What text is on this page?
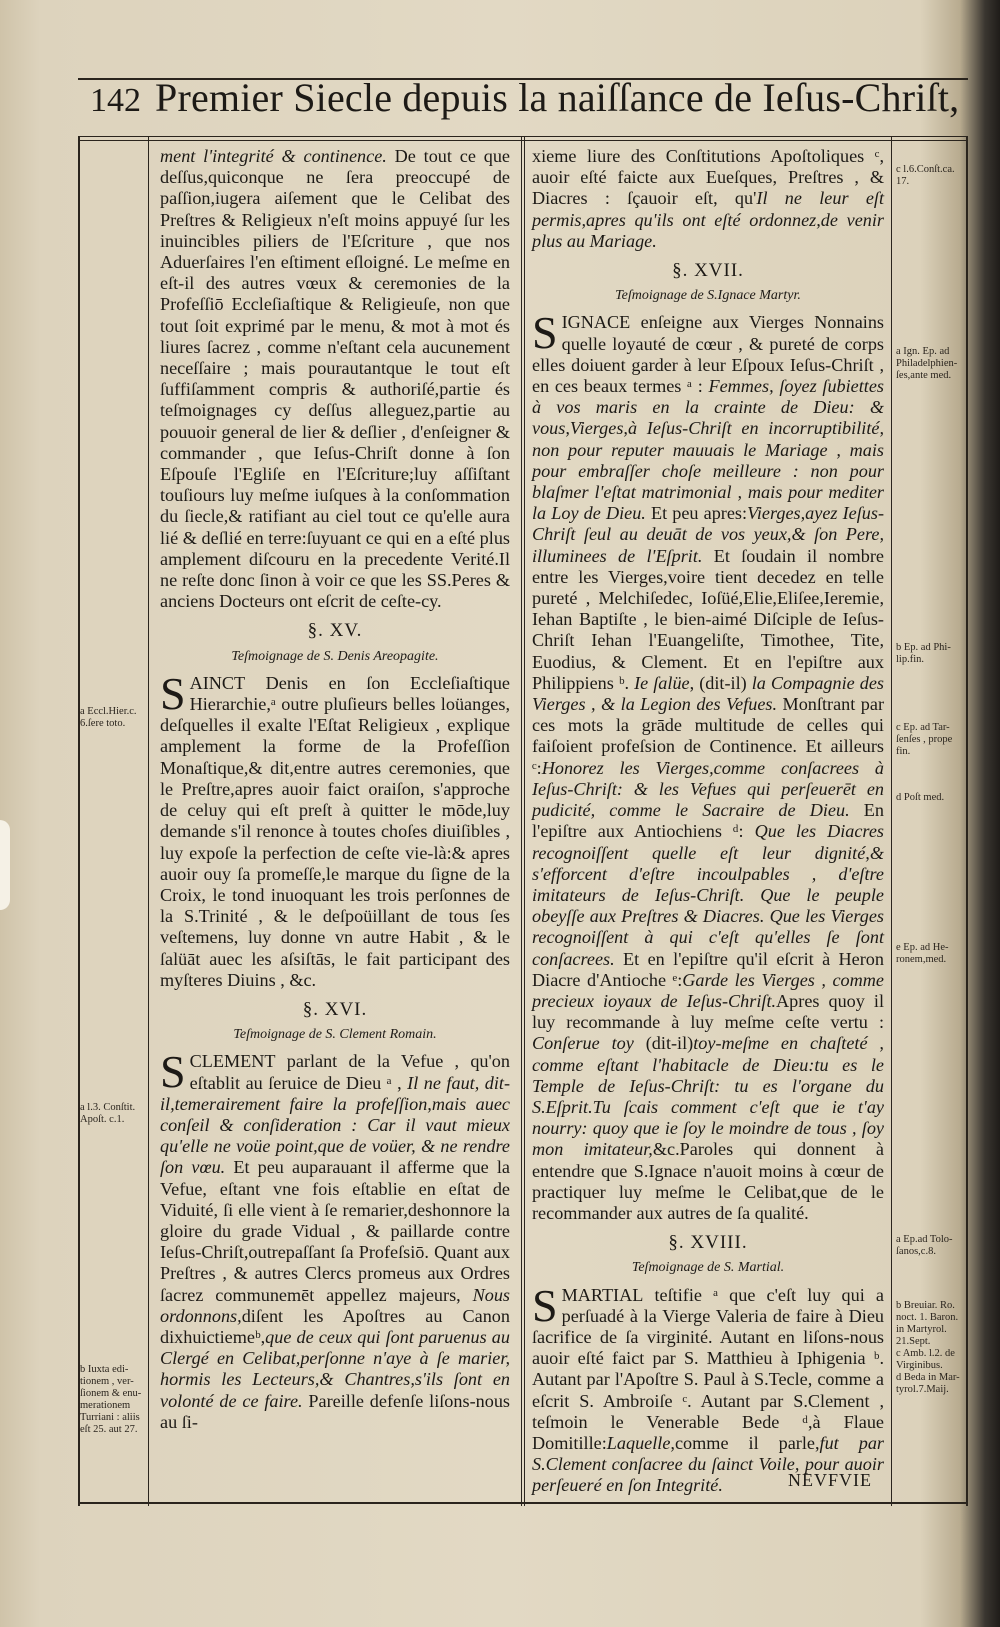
142 Premier Siecle depuis la naiſſance de Ieſus-Chriſt,

ment l'integrité & continence. De tout ce que deſſus,quiconque ne ſera preoccupé de paſſion,iugera aiſement que le Celibat des Preſtres & Religieux n'eſt moins appuyé ſur les inuincibles piliers de l'Eſcriture , que nos Aduerſaires l'en eſtiment eſloigné. Le meſme en eſt-il des autres vœux & ceremonies de la Profeſſiō Eccleſiaſtique & Religieuſe, non que tout ſoit exprimé par le menu, & mot à mot és liures ſacrez , comme n'eſtant cela aucunement neceſſaire ; mais pourautantque le tout eſt ſuffiſamment compris & authoriſé,partie és teſmoignages cy deſſus alleguez,partie au pouuoir general de lier & deſlier , d'enſeigner & commander , que Ieſus-Chriſt donne à ſon Eſpouſe l'Egliſe en l'Eſcriture;luy aſſiſtant touſiours luy meſme iuſques à la conſommation du ſiecle,& ratifiant au ciel tout ce qu'elle aura lié & deſlié en terre:ſuyuant ce qui en a eſté plus amplement diſcouru en la precedente Verité.Il ne reſte donc ſinon à voir ce que les SS.Peres & anciens Docteurs ont eſcrit de ceſte-cy.

§. XV.
Teſmoignage de S. Denis Areopagite.

SAINCT Denis en ſon Eccleſiaſtique Hierarchie,ᵃ outre pluſieurs belles loüanges, deſquelles il exalte l'Eſtat Religieux , explique amplement la forme de la Profeſſion Monaſtique,& dit,entre autres ceremonies, que le Preſtre,apres auoir faict oraiſon, s'approche de celuy qui eſt preſt à quitter le mōde,luy demande s'il renonce à toutes choſes diuiſibles , luy expoſe la perfection de ceſte vie-là:& apres auoir ouy ſa promeſſe,le marque du ſigne de la Croix, le tond inuoquant les trois perſonnes de la S.Trinité , & le deſpoüillant de tous ſes veſtemens, luy donne vn autre Habit , & le ſalüāt auec les aſsiſtās, le fait participant des myſteres Diuins , &c.

§. XVI.
Teſmoignage de S. Clement Romain.

SCLEMENT parlant de la Vefue , qu'on eſtablit au ſeruice de Dieu ᵃ , Il ne faut, dit-il,temerairement faire la profeſſion,mais auec conſeil & conſideration : Car il vaut mieux qu'elle ne voüe point,que de voüer, & ne rendre ſon vœu. Et peu auparauant il afferme que la Vefue, eſtant vne fois eſtablie en eſtat de Viduité, ſi elle vient à ſe remarier,deshonnore la gloire du grade Vidual , & paillarde contre Ieſus-Chriſt,outrepaſſant ſa Profeſsiō. Quant aux Preſtres , & autres Clercs promeus aux Ordres ſacrez communemēt appellez majeurs, Nous ordonnons,diſent les Apoſtres au Canon dixhuictiemeᵇ,que de ceux qui ſont paruenus au Clergé en Celibat,perſonne n'aye à ſe marier, hormis les Lecteurs,& Chantres,s'ils ſont en volonté de ce faire. Pareille defenſe liſons-nous au ſi-

xieme liure des Conſtitutions Apoſtoliques ᶜ, auoir eſté faicte aux Eueſques, Preſtres , & Diacres : ſçauoir eſt, qu'Il ne leur eſt permis,apres qu'ils ont eſté ordonnez,de venir plus au Mariage.

§. XVII.
Teſmoignage de S.Ignace Martyr.

SIGNACE enſeigne aux Vierges Nonnains quelle loyauté de cœur , & pureté de corps elles doiuent garder à leur Eſpoux Ieſus-Chriſt , en ces beaux termes ᵃ : Femmes, ſoyez ſubiettes à vos maris en la crainte de Dieu: & vous,Vierges,à Ieſus-Chriſt en incorruptibilité, non pour reputer mauuais le Mariage , mais pour embraſſer choſe meilleure : non pour blaſmer l'eſtat matrimonial , mais pour mediter la Loy de Dieu. Et peu apres:Vierges,ayez Ieſus-Chriſt ſeul au deuāt de vos yeux,& ſon Pere, illuminees de l'Eſprit. Et ſoudain il nombre entre les Vierges,voire tient decedez en telle pureté , Melchiſedec, Ioſüé,Elie,Eliſee,Ieremie, Iehan Baptiſte , le bien-aimé Diſciple de Ieſus-Chriſt Iehan l'Euangeliſte, Timothee, Tite, Euodius, & Clement. Et en l'epiſtre aux Philippiens ᵇ. Ie ſalüe, (dit-il) la Compagnie des Vierges , & la Legion des Vefues. Monſtrant par ces mots la grāde multitude de celles qui faiſoient profeſsion de Continence. Et ailleurs ᶜ:Honorez les Vierges,comme conſacrees à Ieſus-Chriſt: & les Vefues qui perſeuerēt en pudicité, comme le Sacraire de Dieu. En l'epiſtre aux Antiochiens ᵈ: Que les Diacres recognoiſſent quelle eſt leur dignité,& s'efforcent d'eſtre incoulpables , d'eſtre imitateurs de Ieſus-Chriſt. Que le peuple obeyſſe aux Preſtres & Diacres. Que les Vierges recognoiſſent à qui c'eſt qu'elles ſe ſont conſacrees. Et en l'epiſtre qu'il eſcrit à Heron Diacre d'Antioche ᵉ:Garde les Vierges , comme precieux ioyaux de Ieſus-Chriſt.Apres quoy il luy recommande à luy meſme ceſte vertu : Conſerue toy (dit-il)toy-meſme en chaſteté , comme eſtant l'habitacle de Dieu:tu es le Temple de Ieſus-Chriſt: tu es l'organe du S.Eſprit.Tu ſcais comment c'eſt que ie t'ay nourry: quoy que ie ſoy le moindre de tous , ſoy mon imitateur,&c.Paroles qui donnent à entendre que S.Ignace n'auoit moins à cœur de practiquer luy meſme le Celibat,que de le recommander aux autres de ſa qualité.

§. XVIII.
Teſmoignage de S. Martial.

SMARTIAL teſtifie ᵃ que c'eſt luy qui a perſuadé à la Vierge Valeria de faire à Dieu ſacrifice de ſa virginité. Autant en liſons-nous auoir eſté faict par S. Matthieu à Iphigenia ᵇ. Autant par l'Apoſtre S. Paul à S.Tecle, comme a eſcrit S. Ambroiſe ᶜ. Autant par S.Clement , teſmoin le Venerable Bede ᵈ,à Flaue Domitille:Laquelle,comme il parle,fut par S.Clement conſacree du ſainct Voile, pour auoir perſeueré en ſon Integrité.

a Eccl.Hier.c.
6.ſere toto.
a l.3. Conſtit.
Apoſt. c.1.
b Iuxta edi-
tionem , ver-
ſionem & enu-
merationem
Turriani : aliis
eſt 25. aut 27.
c l.6.Conſt.ca.
17.
a Ign. Ep. ad
Philadelphien-
ſes,ante med.
b Ep. ad Phi-
lip.fin.
c Ep. ad Tar-
ſenſes , prope
fin.
d Poſt med.
e Ep. ad He-
ronem,med.
a Ep.ad Tolo-
ſanos,c.8.
b Breuiar. Ro.
noct. 1. Baron.
in Martyrol.
21.Sept.
c Amb. l.2. de
Virginibus.
d Beda in Mar-
tyrol.7.Maij.
NEVFVIE
